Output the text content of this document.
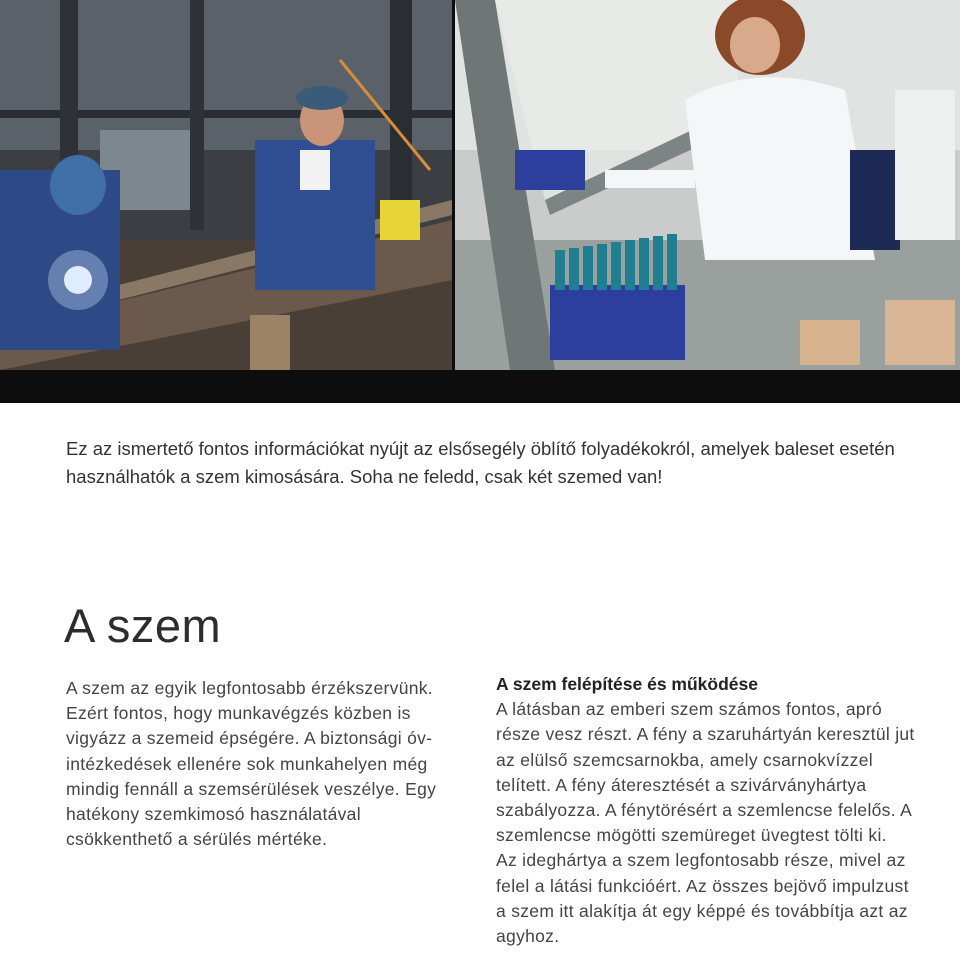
Ez az ismertető fontos információkat nyújt az elsősegély öblítő folyadékokról, amelyek baleset esetén használhatók a szem kimosására. Soha ne feledd, csak két szemed van!

A szem

A szem az egyik legfontosabb érzékszervünk. Ezért fontos, hogy munkavégzés közben is vigyázz a szemeid épségére. A biztonsági óv-intézkedések ellenére sok munkahelyen még mindig fennáll a szemsérülések veszélye. Egy hatékony szemkimosó használatával csökkenthető a sérülés mértéke.

A szem felépítése és működése
A látásban az emberi szem számos fontos, apró része vesz részt. A fény a szaruhártyán keresztül jut az elülső szemcsarnokba, amely csarnokvízzel telített. A fény áteresztését a szivárványhártya szabályozza. A fénytörésért a szemlencse felelős. A szemlencse mögötti szemüreget üvegtest tölti ki.
Az ideghártya a szem legfontosabb része, mivel az felel a látási funkcióért. Az összes bejövő impulzust a szem itt alakítja át egy képpé és továbbítja azt az agyhoz.
